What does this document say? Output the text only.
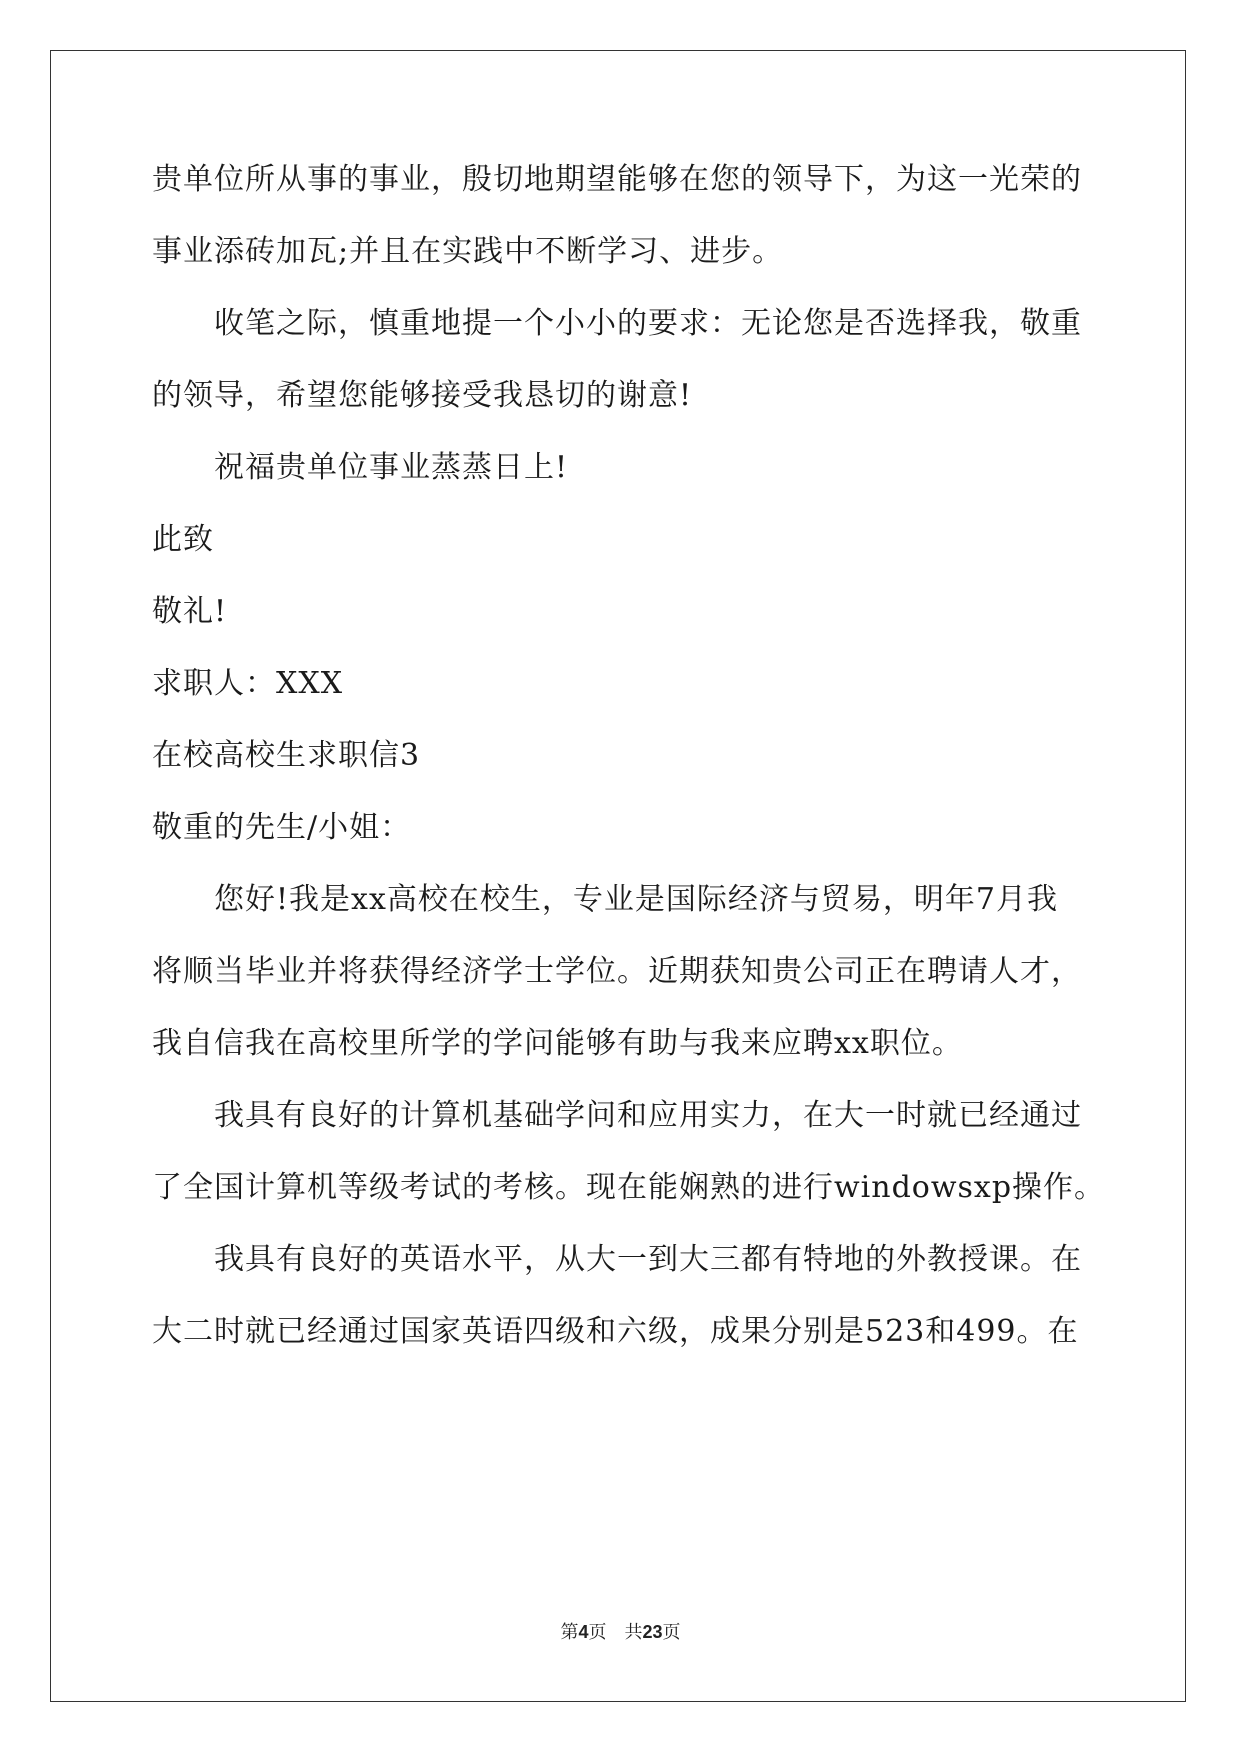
贵单位所从事的事业，殷切地期望能够在您的领导下，为这一光荣的
事业添砖加瓦;并且在实践中不断学习、进步。
收笔之际，慎重地提一个小小的要求：无论您是否选择我，敬重
的领导，希望您能够接受我恳切的谢意!
祝福贵单位事业蒸蒸日上!
此致
敬礼!
求职人：XXX
在校高校生求职信3
敬重的先生/小姐：
您好!我是xx高校在校生，专业是国际经济与贸易，明年7月我
将顺当毕业并将获得经济学士学位。近期获知贵公司正在聘请人才，
我自信我在高校里所学的学问能够有助与我来应聘xx职位。
我具有良好的计算机基础学问和应用实力，在大一时就已经通过
了全国计算机等级考试的考核。现在能娴熟的进行windowsxp操作。
我具有良好的英语水平，从大一到大三都有特地的外教授课。在
大二时就已经通过国家英语四级和六级，成果分别是523和499。在
第4页　共23页
